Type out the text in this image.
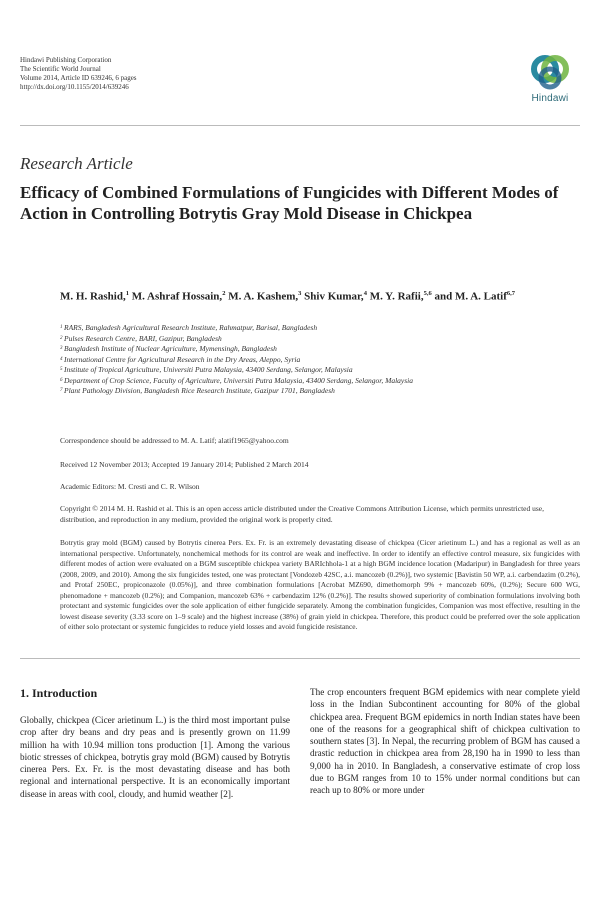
Hindawi Publishing Corporation
The Scientific World Journal
Volume 2014, Article ID 639246, 6 pages
http://dx.doi.org/10.1155/2014/639246
Hindawi
Research Article
Efficacy of Combined Formulations of Fungicides with Different Modes of Action in Controlling Botrytis Gray Mold Disease in Chickpea
M. H. Rashid,$^1$ M. Ashraf Hossain,$^2$ M. A. Kashem,$^3$ Shiv Kumar,$^4$ M. Y. Rafii,$^{5,6}$ and M. A. Latif$^{6,7}$
1 RARS, Bangladesh Agricultural Research Institute, Rahmatpur, Barisal, Bangladesh
2 Pulses Research Centre, BARI, Gazipur, Bangladesh
3 Bangladesh Institute of Nuclear Agriculture, Mymensingh, Bangladesh
4 International Centre for Agricultural Research in the Dry Areas, Aleppo, Syria
5 Institute of Tropical Agriculture, Universiti Putra Malaysia, 43400 Serdang, Selangor, Malaysia
6 Department of Crop Science, Faculty of Agriculture, Universiti Putra Malaysia, 43400 Serdang, Selangor, Malaysia
7 Plant Pathology Division, Bangladesh Rice Research Institute, Gazipur 1701, Bangladesh
Correspondence should be addressed to M. A. Latif; alatif1965@yahoo.com
Received 12 November 2013; Accepted 19 January 2014; Published 2 March 2014
Academic Editors: M. Cresti and C. R. Wilson
Copyright © 2014 M. H. Rashid et al. This is an open access article distributed under the Creative Commons Attribution License, which permits unrestricted use, distribution, and reproduction in any medium, provided the original work is properly cited.
Botrytis gray mold (BGM) caused by Botrytis cinerea Pers. Ex. Fr. is an extremely devastating disease of chickpea (Cicer arietinum L.) and has a regional as well as an international perspective. Unfortunately, nonchemical methods for its control are weak and ineffective. In order to identify an effective control measure, six fungicides with different modes of action were evaluated on a BGM susceptible chickpea variety BARIchhola-1 at a high BGM incidence location (Madaripur) in Bangladesh for three years (2008, 2009, and 2010). Among the six fungicides tested, one was protectant [Vondozeb 42SC, a.i. mancozeb (0.2%)], two systemic [Bavistin 50 WP, a.i. carbendazim (0.2%), and Protaf 250EC, propiconazole (0.05%)], and three combination formulations [Acrobat MZ690, dimethomorph 9% + mancozeb 60%, (0.2%); Secure 600 WG, phenomadone + mancozeb (0.2%); and Companion, mancozeb 63% + carbendazim 12% (0.2%)]. The results showed superiority of combination formulations involving both protectant and systemic fungicides over the sole application of either fungicide separately. Among the combination fungicides, Companion was most effective, resulting in the lowest disease severity (3.33 score on 1–9 scale) and the highest increase (38%) of grain yield in chickpea. Therefore, this product could be preferred over the sole application of either solo protectant or systemic fungicides to reduce yield losses and avoid fungicide resistance.
1. Introduction

Globally, chickpea (Cicer arietinum L.) is the third most important pulse crop after dry beans and dry peas and is presently grown on 11.99 million ha with 10.94 million tons production [1]. Among the various biotic stresses of chickpea, botrytis gray mold (BGM) caused by Botrytis cinerea Pers. Ex. Fr. is the most devastating disease and has both regional and international perspective. It is an economically important disease in areas with cool, cloudy, and humid weather [2].

The crop encounters frequent BGM epidemics with near complete yield loss in the Indian Subcontinent accounting for 80% of the global chickpea area. Frequent BGM epidemics in north Indian states have been one of the reasons for a geographical shift of chickpea cultivation to southern states [3]. In Nepal, the recurring problem of BGM has caused a drastic reduction in chickpea area from 28,190 ha in 1990 to less than 9,000 ha in 2010. In Bangladesh, a conservative estimate of crop loss due to BGM ranges from 10 to 15% under normal conditions but can reach up to 80% or more under
